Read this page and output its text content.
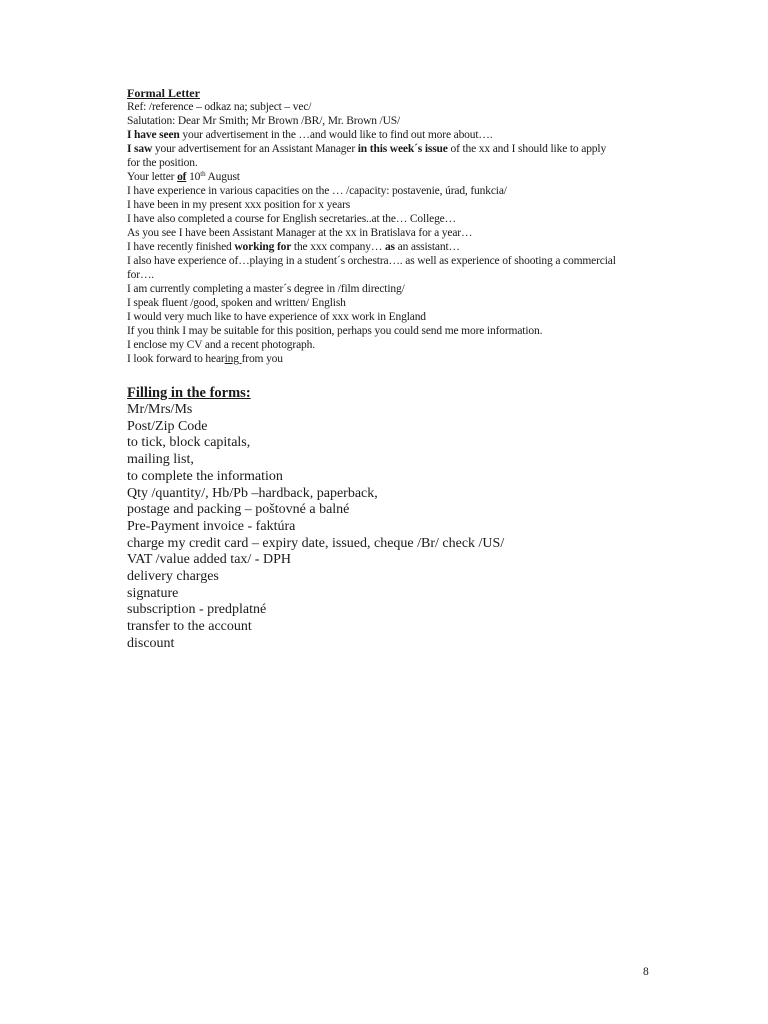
Formal Letter
Ref: /reference – odkaz na; subject – vec/
Salutation: Dear Mr Smith; Mr Brown /BR/, Mr. Brown /US/
I have seen your advertisement in the …and would like to find out more about….
I saw your advertisement for an Assistant Manager in this week´s issue of the xx and I should like to apply
for the position.
Your letter of 10th August
I have experience in various capacities on the … /capacity: postavenie, úrad, funkcia/
I have been in my present xxx position for x years
I have also completed a course for English secretaries..at the… College…
As you see I have been Assistant Manager at the xx in Bratislava for a year…
I have recently finished working for the xxx company… as an assistant…
I also have experience of…playing in a student´s orchestra…. as well as experience of shooting a commercial
for….
I am currently completing a master´s degree in /film directing/
I speak fluent /good, spoken and written/ English
I would very much like to have experience of xxx work in England
If you think I may be suitable for this position, perhaps you could send me more information.
I enclose my CV and a recent photograph.
I look forward to hearing from you
Filling in the forms:
Mr/Mrs/Ms
Post/Zip Code
to tick, block capitals,
mailing list,
to complete the information
Qty /quantity/, Hb/Pb –hardback, paperback,
postage and packing – poštovné a balné
Pre-Payment invoice - faktúra
charge my credit card – expiry date, issued, cheque /Br/ check /US/
VAT /value added tax/ - DPH
delivery charges
signature
subscription - predplatné
transfer to the account
discount
8
